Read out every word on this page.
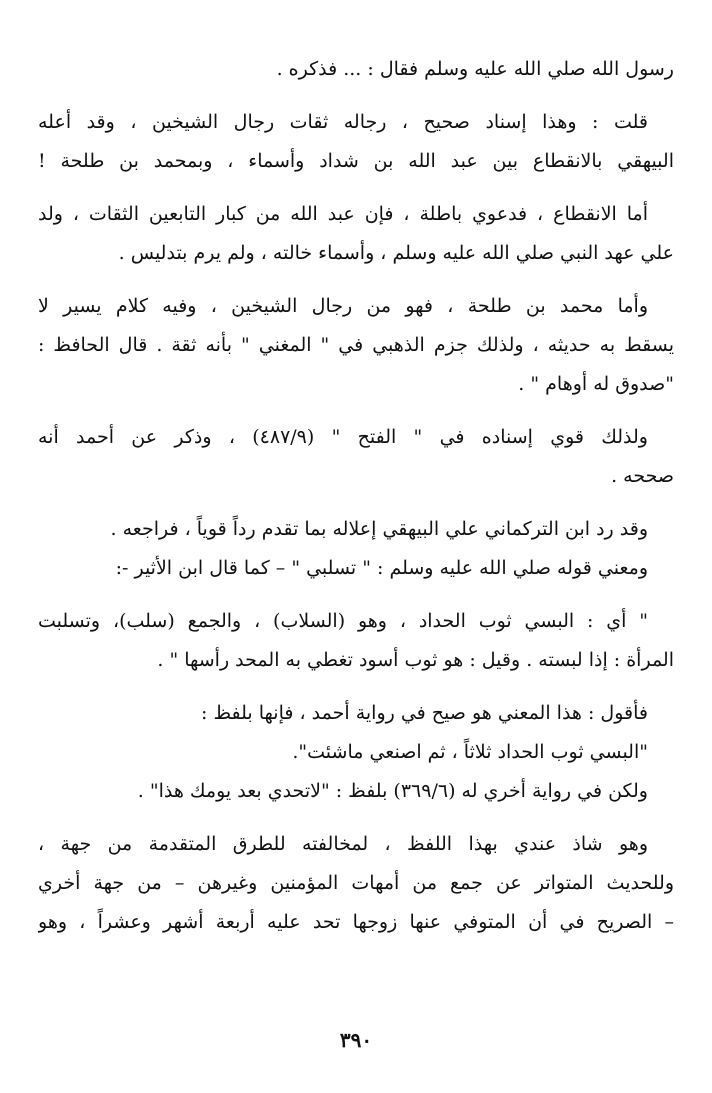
رسول الله صلي الله عليه وسلم فقال : ... فذكره .
قلت : وهذا إسناد صحيح ، رجاله ثقات رجال الشيخين ، وقد أعله
البيهقي بالانقطاع بين عبد الله بن شداد وأسماء ، وبمحمد بن طلحة !
أما الانقطاع ، فدعوي باطلة ، فإن عبد الله من كبار التابعين الثقات ، ولد
علي عهد النبي صلي الله عليه وسلم ، وأسماء خالته ، ولم يرم بتدليس .
وأما محمد بن طلحة ، فهو من رجال الشيخين ، وفيه كلام يسير لا
يسقط به حديثه ، ولذلك جزم الذهبي في " المغني " بأنه ثقة . قال الحافظ :
"صدوق له أوهام " .
ولذلك قوي إسناده في " الفتح " (٤٨٧/٩) ، وذكر عن أحمد أنه
صححه .
وقد رد ابن التركماني علي البيهقي إعلاله بما تقدم رداً قوياً ، فراجعه .
ومعني قوله صلي الله عليه وسلم : " تسلبي " – كما قال ابن الأثير -:
" أي : البسي ثوب الحداد ، وهو (السلاب) ، والجمع (سلب)، وتسلبت
المرأة : إذا لبسته . وقيل : هو ثوب أسود تغطي به المحد رأسها " .
فأقول : هذا المعني هو صيح في رواية أحمد ، فإنها بلفظ :
"البسي ثوب الحداد ثلاثاً ، ثم اصنعي ماشئت".
ولكن في رواية أخري له (٣٦٩/٦) بلفظ : "لاتحدي بعد يومك هذا" .
وهو شاذ عندي بهذا اللفظ ، لمخالفته للطرق المتقدمة من جهة ،
وللحديث المتواتر عن جمع من أمهات المؤمنين وغيرهن – من جهة أخري
– الصريح في أن المتوفي عنها زوجها تحد عليه أربعة أشهر وعشراً ، وهو
٣٩٠
